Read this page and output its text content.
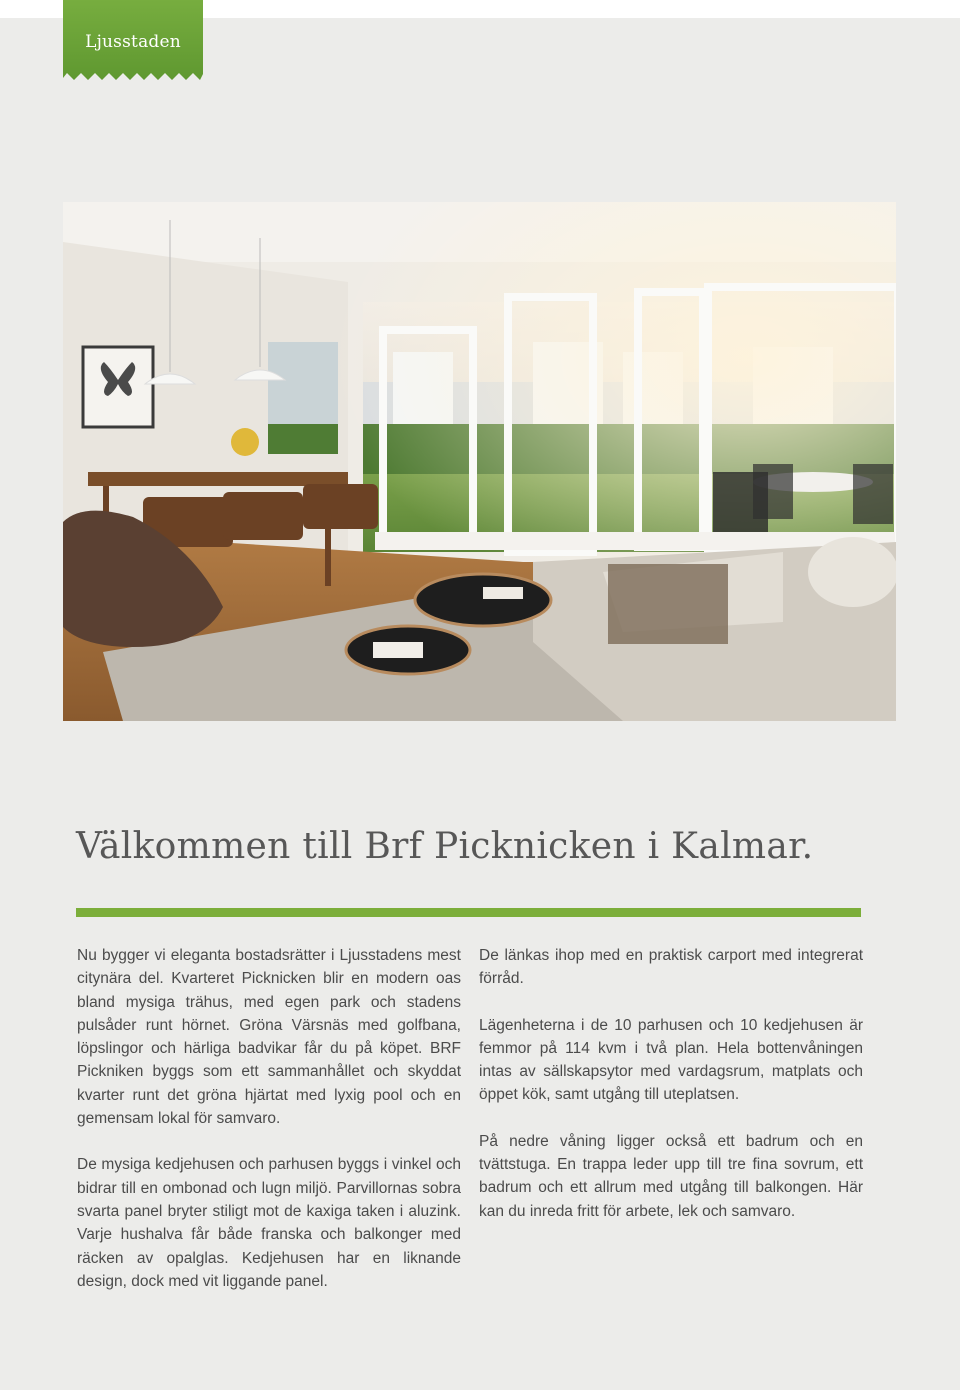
Ljusstaden
Välkommen till Brf Picknicken i Kalmar.

Nu bygger vi eleganta bostadsrätter i Ljusstadens mest citynära del. Kvarteret Picknicken blir en modern oas bland mysiga trähus, med egen park och stadens pulsåder runt hörnet. Gröna Värsnäs med golfbana, löpslingor och härliga badvikar får du på köpet. BRF Pickniken byggs som ett sammanhållet och skyddat kvarter runt det gröna hjärtat med lyxig pool och en gemensam lokal för samvaro.

De mysiga kedjehusen och parhusen byggs i vinkel och bidrar till en ombonad och lugn miljö. Parvillornas sobra svarta panel bryter stiligt mot de kaxiga taken i aluzink. Varje hushalva får både franska och balkonger med räcken av opalglas. Kedjehusen har en liknande design, dock med vit liggande panel.

De länkas ihop med en praktisk carport med integrerat förråd.

Lägenheterna i de 10 parhusen och 10 kedjehusen är femmor på 114 kvm i två plan. Hela bottenvåningen intas av sällskapsytor med vardagsrum, matplats och öppet kök, samt utgång till uteplatsen.

På nedre våning ligger också ett badrum och en tvättstuga. En trappa leder upp till tre fina sovrum, ett badrum och ett allrum med utgång till balkongen. Här kan du inreda fritt för arbete, lek och samvaro.
